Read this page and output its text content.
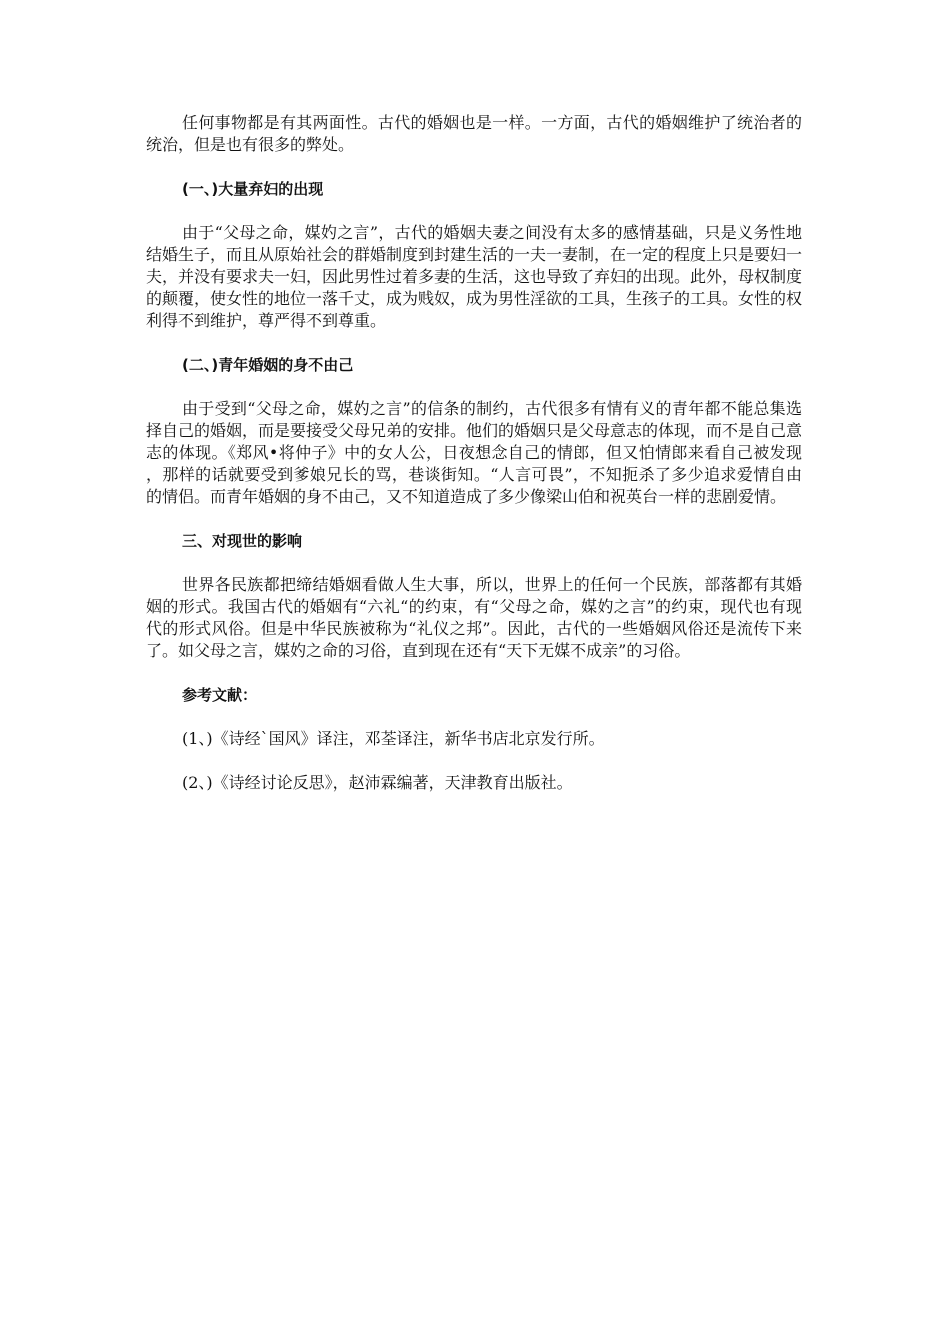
任何事物都是有其两面性。古代的婚姻也是一样。一方面，古代的婚姻维护了统治者的统治，但是也有很多的弊处。

(一、)大量弃妇的出现

由于“父母之命，媒妁之言”，古代的婚姻夫妻之间没有太多的感情基础，只是义务性地结婚生子，而且从原始社会的群婚制度到封建生活的一夫一妻制，在一定的程度上只是要妇一夫，并没有要求夫一妇，因此男性过着多妻的生活，这也导致了弃妇的出现。此外，母权制度的颠覆，使女性的地位一落千丈，成为贱奴，成为男性淫欲的工具，生孩子的工具。女性的权利得不到维护，尊严得不到尊重。

(二、)青年婚姻的身不由己

由于受到“父母之命，媒妁之言”的信条的制约，古代很多有情有义的青年都不能总集选择自己的婚姻，而是要接受父母兄弟的安排。他们的婚姻只是父母意志的体现，而不是自己意志的体现。《郑风•将仲子》中的女人公，日夜想念自己的情郎，但又怕情郎来看自己被发现，那样的话就要受到爹娘兄长的骂，巷谈街知。“人言可畏”，不知扼杀了多少追求爱情自由的情侣。而青年婚姻的身不由己，又不知道造成了多少像梁山伯和祝英台一样的悲剧爱情。

三、对现世的影响

世界各民族都把缔结婚姻看做人生大事，所以，世界上的任何一个民族，部落都有其婚姻的形式。我国古代的婚姻有“六礼“的约束，有“父母之命，媒妁之言”的约束，现代也有现代的形式风俗。但是中华民族被称为“礼仪之邦”。因此，古代的一些婚姻风俗还是流传下来了。如父母之言，媒妁之命的习俗，直到现在还有“天下无媒不成亲”的习俗。

参考文献：

(1、)《诗经`国风》译注，邓荃译注，新华书店北京发行所。

(2、)《诗经讨论反思》，赵沛霖编著，天津教育出版社。
